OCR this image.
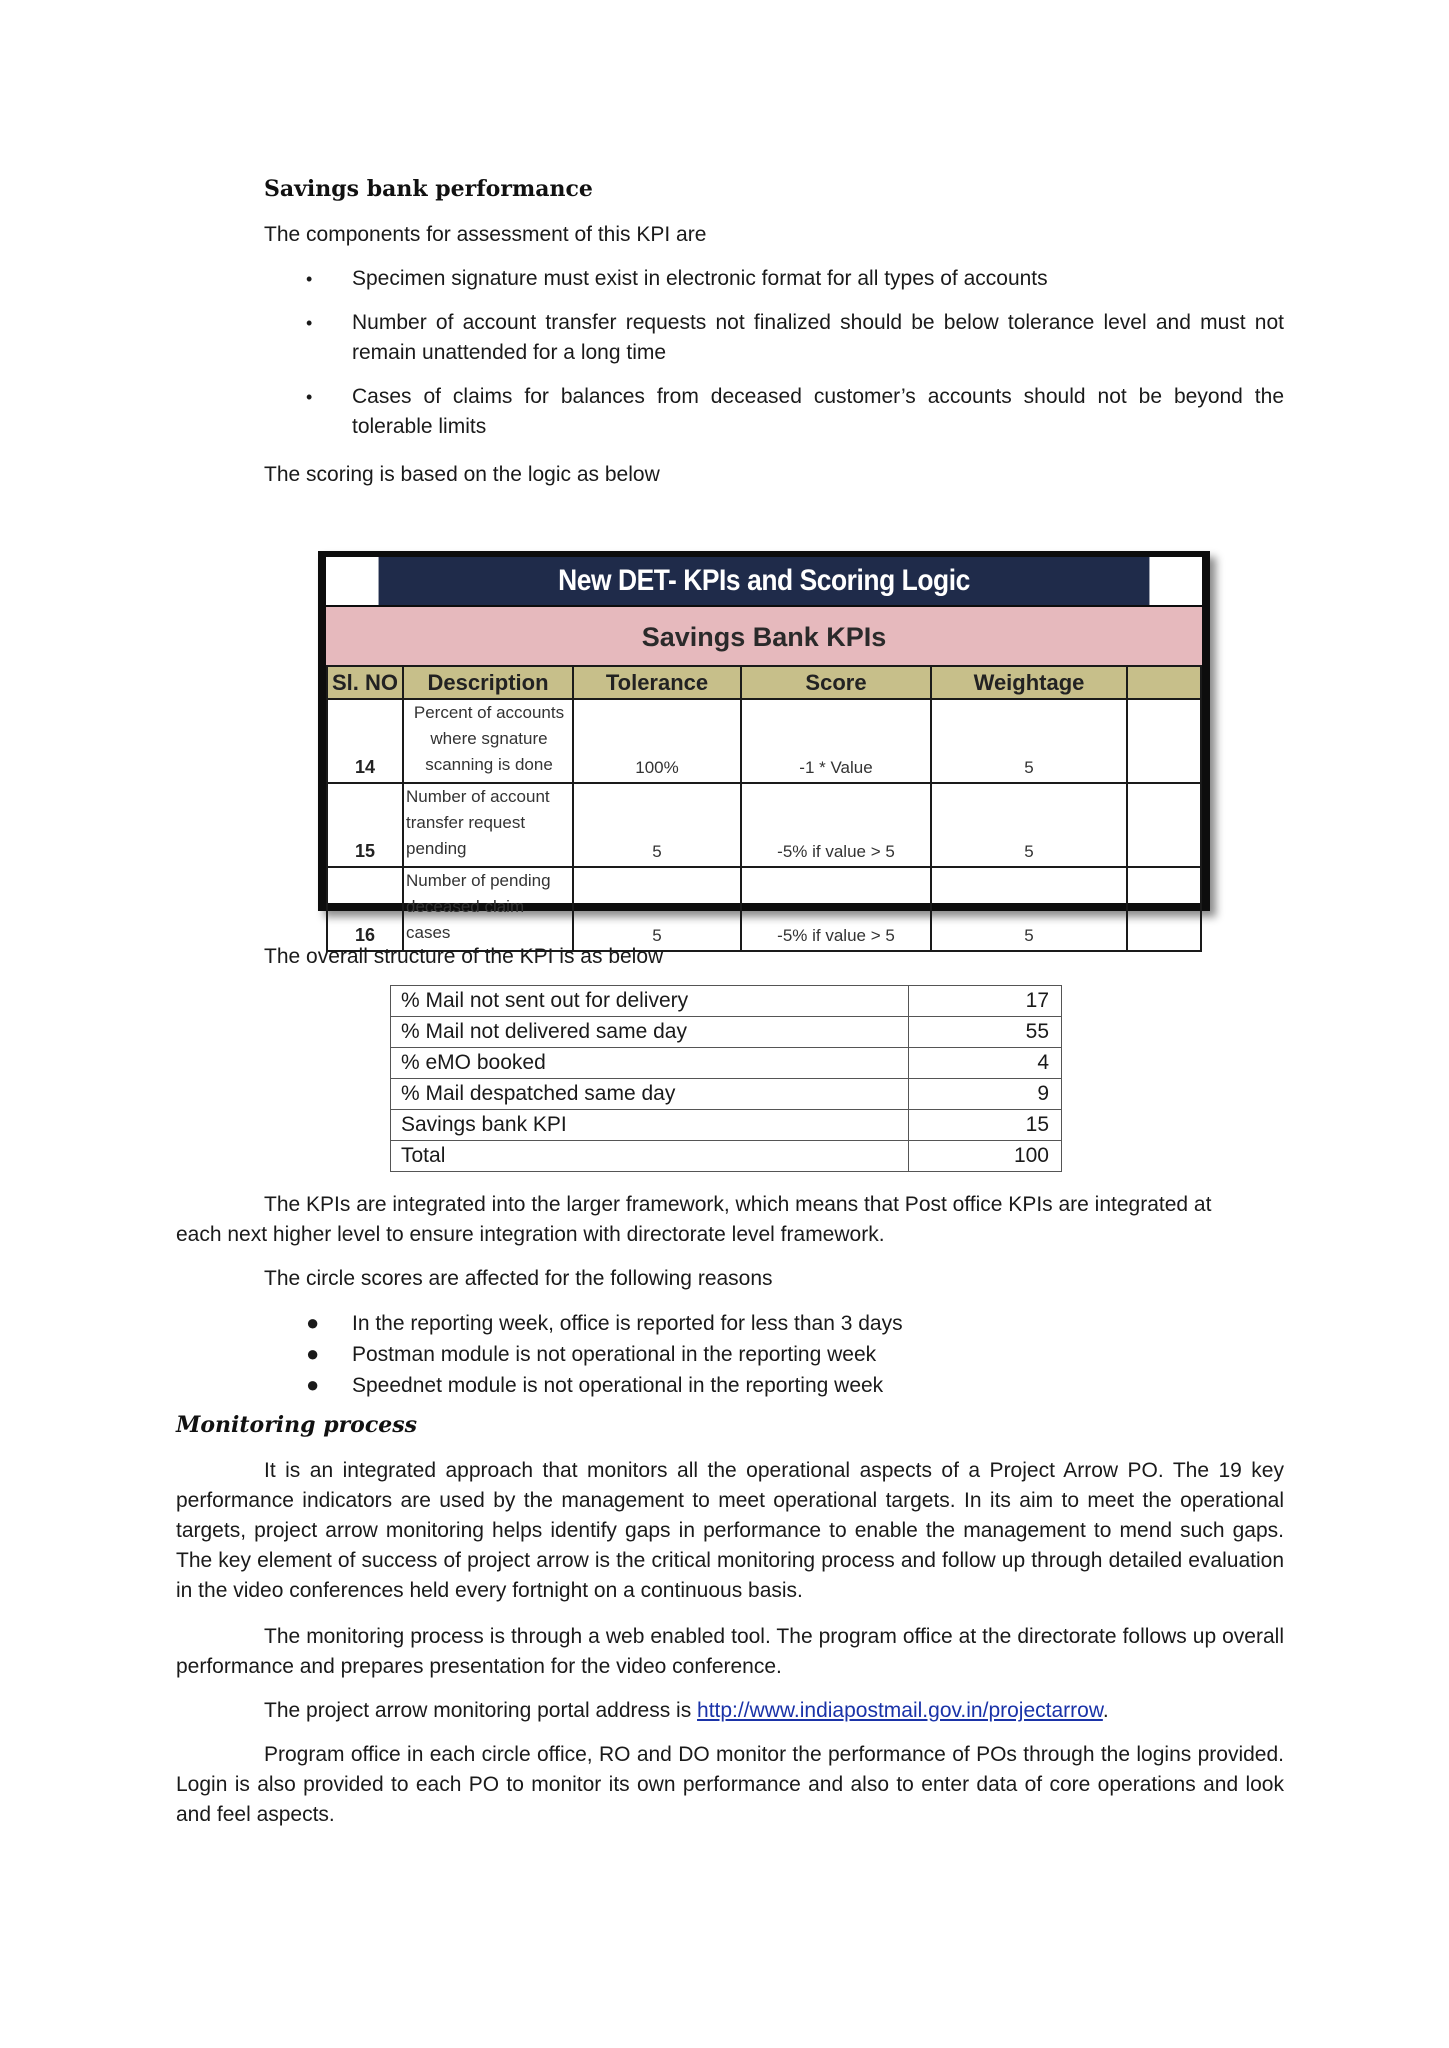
Savings bank performance
The components for assessment of this KPI are
• Specimen signature must exist in electronic format for all types of accounts
• Number of account transfer requests not finalized should be below tolerance level and must not remain unattended for a long time
• Cases of claims for balances from deceased customer’s accounts should not be beyond the tolerable limits
The scoring is based on the logic as below
New DET- KPIs and Scoring Logic
Savings Bank KPIs
Sl. NO	Description	Tolerance	Score	Weightage	
14	Percent of accounts
where sgnature
scanning is done	100%	-1 * Value	5	
15	Number of account
transfer request pending	5	-5% if value > 5	5	
16	Number of pending
deceased claim cases	5	-5% if value > 5	5	
The overall structure of the KPI is as below
% Mail not sent out for delivery	17
% Mail not delivered same day	55
% eMO booked	4
% Mail despatched same day	9
Savings bank KPI	15
Total	100
The KPIs are integrated into the larger framework, which means that Post office KPIs are integrated at
each next higher level to ensure integration with directorate level framework.
The circle scores are affected for the following reasons
● In the reporting week, office is reported for less than 3 days
● Postman module is not operational in the reporting week
● Speednet module is not operational in the reporting week
Monitoring process
It is an integrated approach that monitors all the operational aspects of a Project Arrow PO. The 19 key performance indicators are used by the management to meet operational targets. In its aim to meet the operational targets, project arrow monitoring helps identify gaps in performance to enable the management to mend such gaps. The key element of success of project arrow is the critical monitoring process and follow up through detailed evaluation in the video conferences held every fortnight on a continuous basis.
The monitoring process is through a web enabled tool. The program office at the directorate follows up overall performance and prepares presentation for the video conference.
The project arrow monitoring portal address is http://www.indiapostmail.gov.in/projectarrow.
Program office in each circle office, RO and DO monitor the performance of POs through the logins provided. Login is also provided to each PO to monitor its own performance and also to enter data of core operations and look and feel aspects.
